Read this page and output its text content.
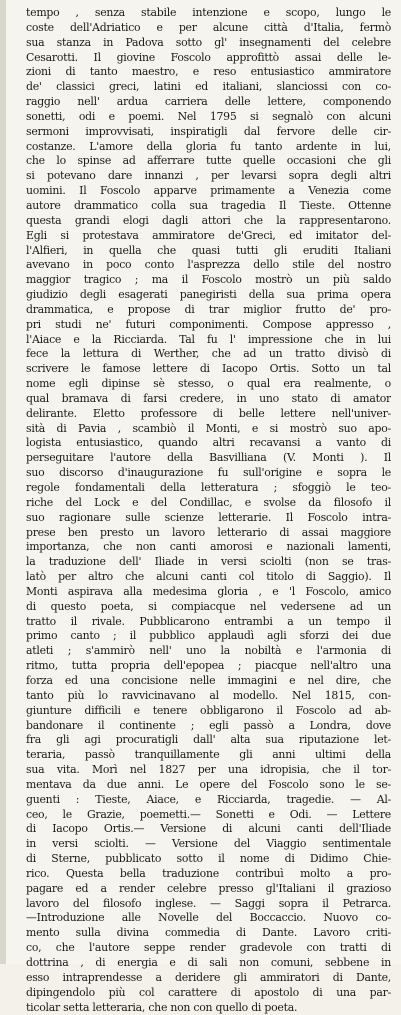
tempo , senza stabile intenzione e scopo, lungo le
coste dell'Adriatico e per alcune città d'Italia, fermò
sua stanza in Padova sotto gl' insegnamenti del celebre
Cesarotti. Il giovine Foscolo approfittò assai delle le-
zioni di tanto maestro, e reso entusiastico ammiratore
de' classici greci, latini ed italiani, slanciossi con co-
raggio nell' ardua carriera delle lettere, componendo
sonetti, odi e poemi. Nel 1795 si segnalò con alcuni
sermoni improvvisati, inspiratigli dal fervore delle cir-
costanze. L'amore della gloria fu tanto ardente in lui,
che lo spinse ad afferrare tutte quelle occasioni che gli
si potevano dare innanzi , per levarsi sopra degli altri
uomini. Il Foscolo apparve primamente a Venezia come
autore drammatico colla sua tragedia Il Tieste. Ottenne
questa grandi elogi dagli attori che la rappresentarono.
Egli si protestava ammiratore de'Greci, ed imitator del-
l'Alfieri, in quella che quasi tutti gli eruditi Italiani
avevano in poco conto l'asprezza dello stile del nostro
maggior tragico ; ma il Foscolo mostrò un più saldo
giudizio degli esagerati panegiristi della sua prima opera
drammatica, e propose di trar miglior frutto de' pro-
pri studi ne' futuri componimenti. Compose appresso ,
l'Aiace e la Ricciarda. Tal fu l' impressione che in lui
fece la lettura di Werther, che ad un tratto divisò di
scrivere le famose lettere di Iacopo Ortis. Sotto un tal
nome egli dipinse sè stesso, o qual era realmente, o
qual bramava di farsi credere, in uno stato di amator
delirante. Eletto professore di belle lettere nell'univer-
sità di Pavia , scambiò il Monti, e si mostrò suo apo-
logista entusiastico, quando altri recavansi a vanto di
perseguitare l'autore della Basvilliana (V. Monti ). Il
suo discorso d'inaugurazione fu sull'origine e sopra le
regole fondamentali della letteratura ; sfoggiò le teo-
riche del Lock e del Condillac, e svolse da filosofo il
suo ragionare sulle scienze letterarie. Il Foscolo intra-
prese ben presto un lavoro letterario di assai maggiore
importanza, che non canti amorosi e nazionali lamenti,
la traduzione dell' Iliade in versi sciolti (non se tras-
latò per altro che alcuni canti col titolo di Saggio). Il
Monti aspirava alla medesima gloria , e 'l Foscolo, amico
di questo poeta, si compiacque nel vedersene ad un
tratto il rivale. Pubblicarono entrambi a un tempo il
primo canto ; il pubblico applaudì agli sforzi dei due
atleti ; s'ammirò nell' uno la nobiltà e l'armonia di
ritmo, tutta propria dell'epopea ; piacque nell'altro una
forza ed una concisione nelle immagini e nel dire, che
tanto più lo ravvicinavano al modello. Nel 1815, con-
giunture difficili e tenere obbligarono il Foscolo ad ab-
bandonare il continente ; egli passò a Londra, dove
fra gli agi procuratigli dall' alta sua riputazione let-
teraria, passò tranquillamente gli anni ultimi della
sua vita. Morì nel 1827 per una idropisia, che il tor-
mentava da due anni. Le opere del Foscolo sono le se-
guenti : Tieste, Aiace, e Ricciarda, tragedie. — Al-
ceo, le Grazie, poemetti.— Sonetti e Odi. — Lettere
di Iacopo Ortis.— Versione di alcuni canti dell'Iliade
in versi sciolti. — Versione del Viaggio sentimentale
di Sterne, pubblicato sotto il nome di Didimo Chie-
rico. Questa bella traduzione contribuì molto a pro-
pagare ed a render celebre presso gl'Italiani il grazioso
lavoro del filosofo inglese. — Saggi sopra il Petrarca.
—Introduzione alle Novelle del Boccaccio. Nuovo co-
mento sulla divina commedia di Dante. Lavoro criti-
co, che l'autore seppe render gradevole con tratti di
dottrina , di energia e di sali non comuni, sebbene in
esso intraprendesse a deridere gli ammiratori di Dante,
dipingendolo più col carattere di apostolo di una par-
ticolar setta letteraria, che non con quello di poeta.
